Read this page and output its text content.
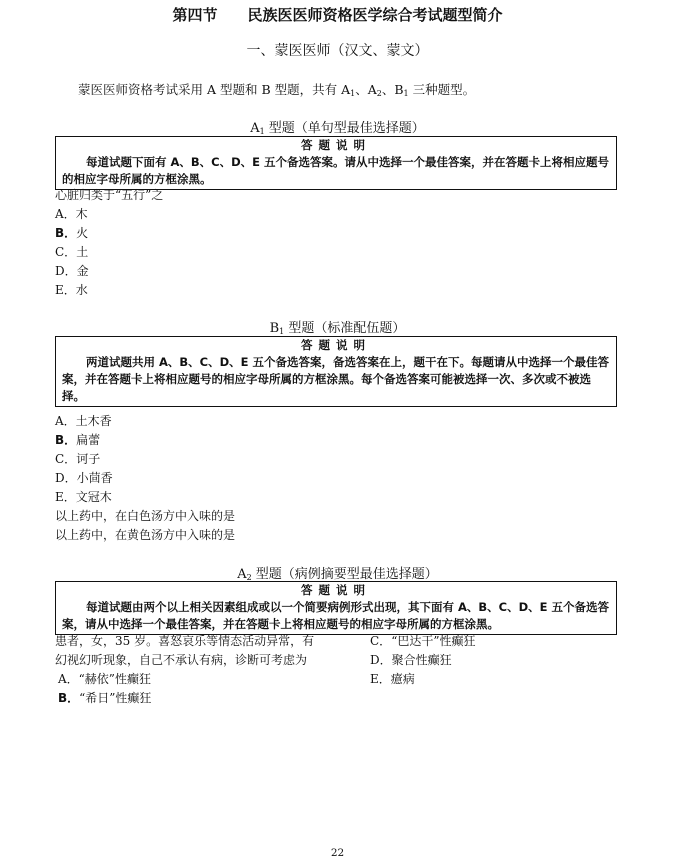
第四节 民族医医师资格医学综合考试题型简介
一、蒙医医师（汉文、蒙文）
蒙医医师资格考试采用 A 型题和 B 型题，共有 $A_1$、$A_2$、$B_1$ 三种题型。
$A_1$ 型题（单句型最佳选择题）
答题说明
每道试题下面有 A、B、C、D、E 五个备选答案。请从中选择一个最佳答案，并在答题卡上将相应题号的相应字母所属的方框涂黑。
心脏归类于“五行”之
A．木
B．火
C．土
D．金
E．水
$B_1$ 型题（标准配伍题）
答题说明
两道试题共用 A、B、C、D、E 五个备选答案，备选答案在上，题干在下。每题请从中选择一个最佳答案，并在答题卡上将相应题号的相应字母所属的方框涂黑。每个备选答案可能被选择一次、多次或不被选择。
A．土木香
B．扁蕾
C．诃子
D．小茴香
E．文冠木
以上药中，在白色汤方中入味的是
以上药中，在黄色汤方中入味的是
$A_2$ 型题（病例摘要型最佳选择题）
答题说明
每道试题由两个以上相关因素组成或以一个简要病例形式出现，其下面有 A、B、C、D、E 五个备选答案，请从中选择一个最佳答案，并在答题卡上将相应题号的相应字母所属的方框涂黑。
患者，女，35 岁。喜怒哀乐等情态活动异常，有
幻视幻听现象，自己不承认有病，诊断可考虑为
A．“赫依”性癫狂
B．“希日”性癫狂
C．“巴达干”性癫狂
D．聚合性癫狂
E．癔病
22
